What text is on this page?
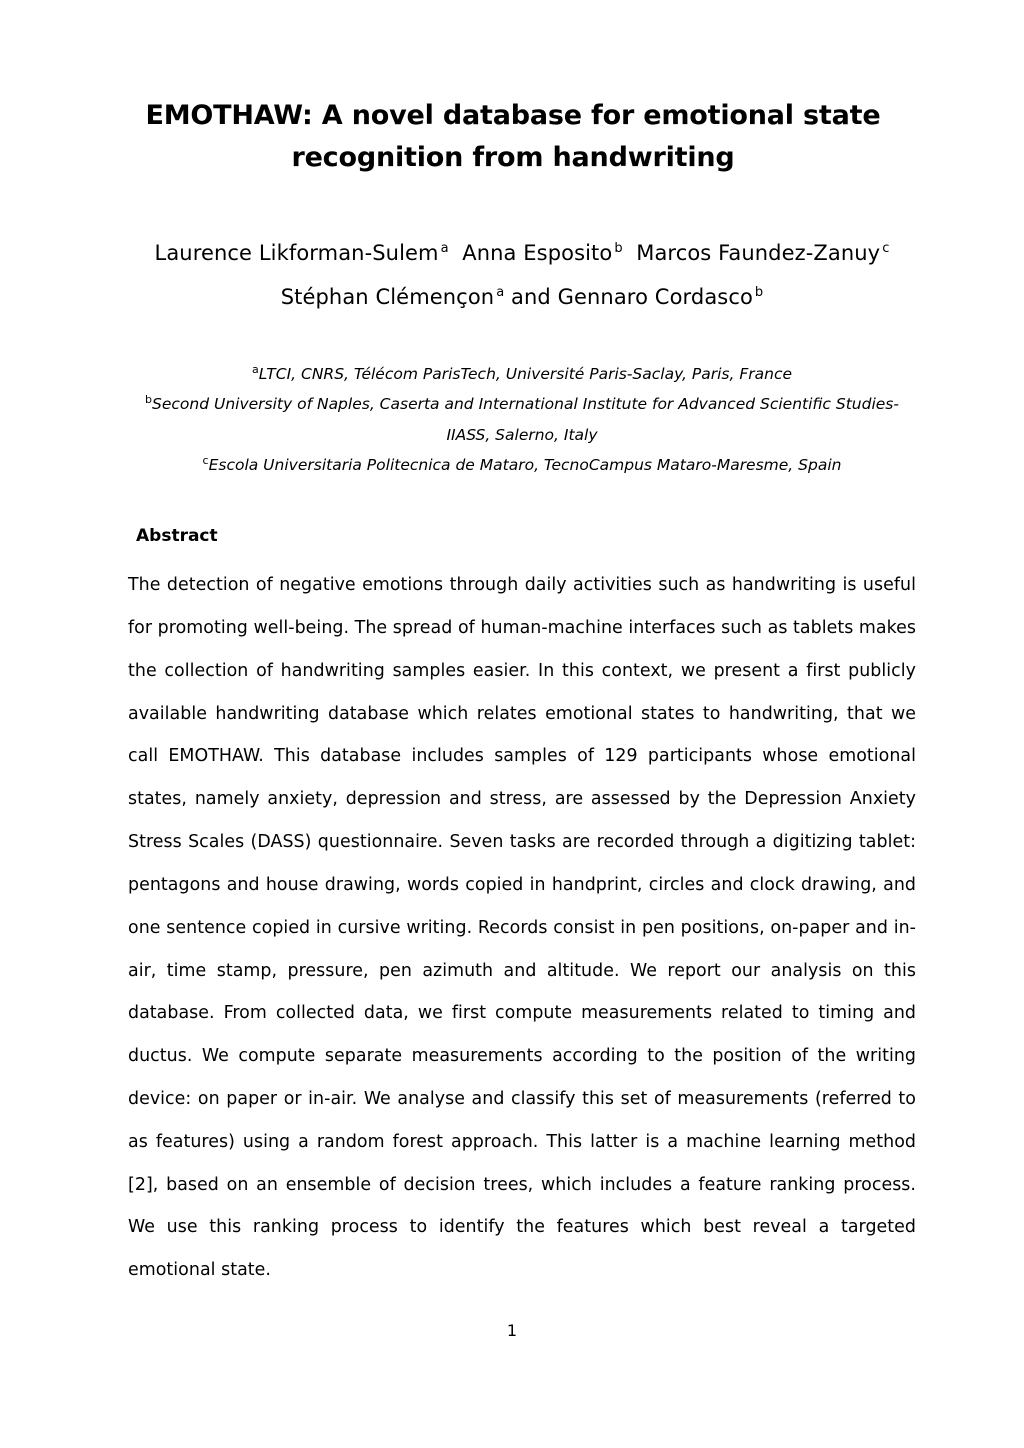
EMOTHAW: A novel database for emotional state recognition from handwriting
Laurence Likforman-Sulem $^a$ Anna Esposito $^b$ Marcos Faundez-Zanuy $^c$
Stéphan Clémençon $^a$ and Gennaro Cordasco $^b$
$^a$LTCI, CNRS, Télécom ParisTech, Université Paris-Saclay, Paris, France
$^b$Second University of Naples, Caserta and International Institute for Advanced Scientific Studies-IIASS, Salerno, Italy
$^c$Escola Universitaria Politecnica de Mataro, TecnoCampus Mataro-Maresme, Spain
Abstract

The detection of negative emotions through daily activities such as handwriting is useful for promoting well-being. The spread of human-machine interfaces such as tablets makes the collection of handwriting samples easier. In this context, we present a first publicly available handwriting database which relates emotional states to handwriting, that we call EMOTHAW. This database includes samples of 129 participants whose emotional states, namely anxiety, depression and stress, are assessed by the Depression Anxiety Stress Scales (DASS) questionnaire. Seven tasks are recorded through a digitizing tablet: pentagons and house drawing, words copied in handprint, circles and clock drawing, and one sentence copied in cursive writing. Records consist in pen positions, on-paper and in-air, time stamp, pressure, pen azimuth and altitude. We report our analysis on this database. From collected data, we first compute measurements related to timing and ductus. We compute separate measurements according to the position of the writing device: on paper or in-air. We analyse and classify this set of measurements (referred to as features) using a random forest approach. This latter is a machine learning method [2], based on an ensemble of decision trees, which includes a feature ranking process. We use this ranking process to identify the features which best reveal a targeted emotional state.

1
